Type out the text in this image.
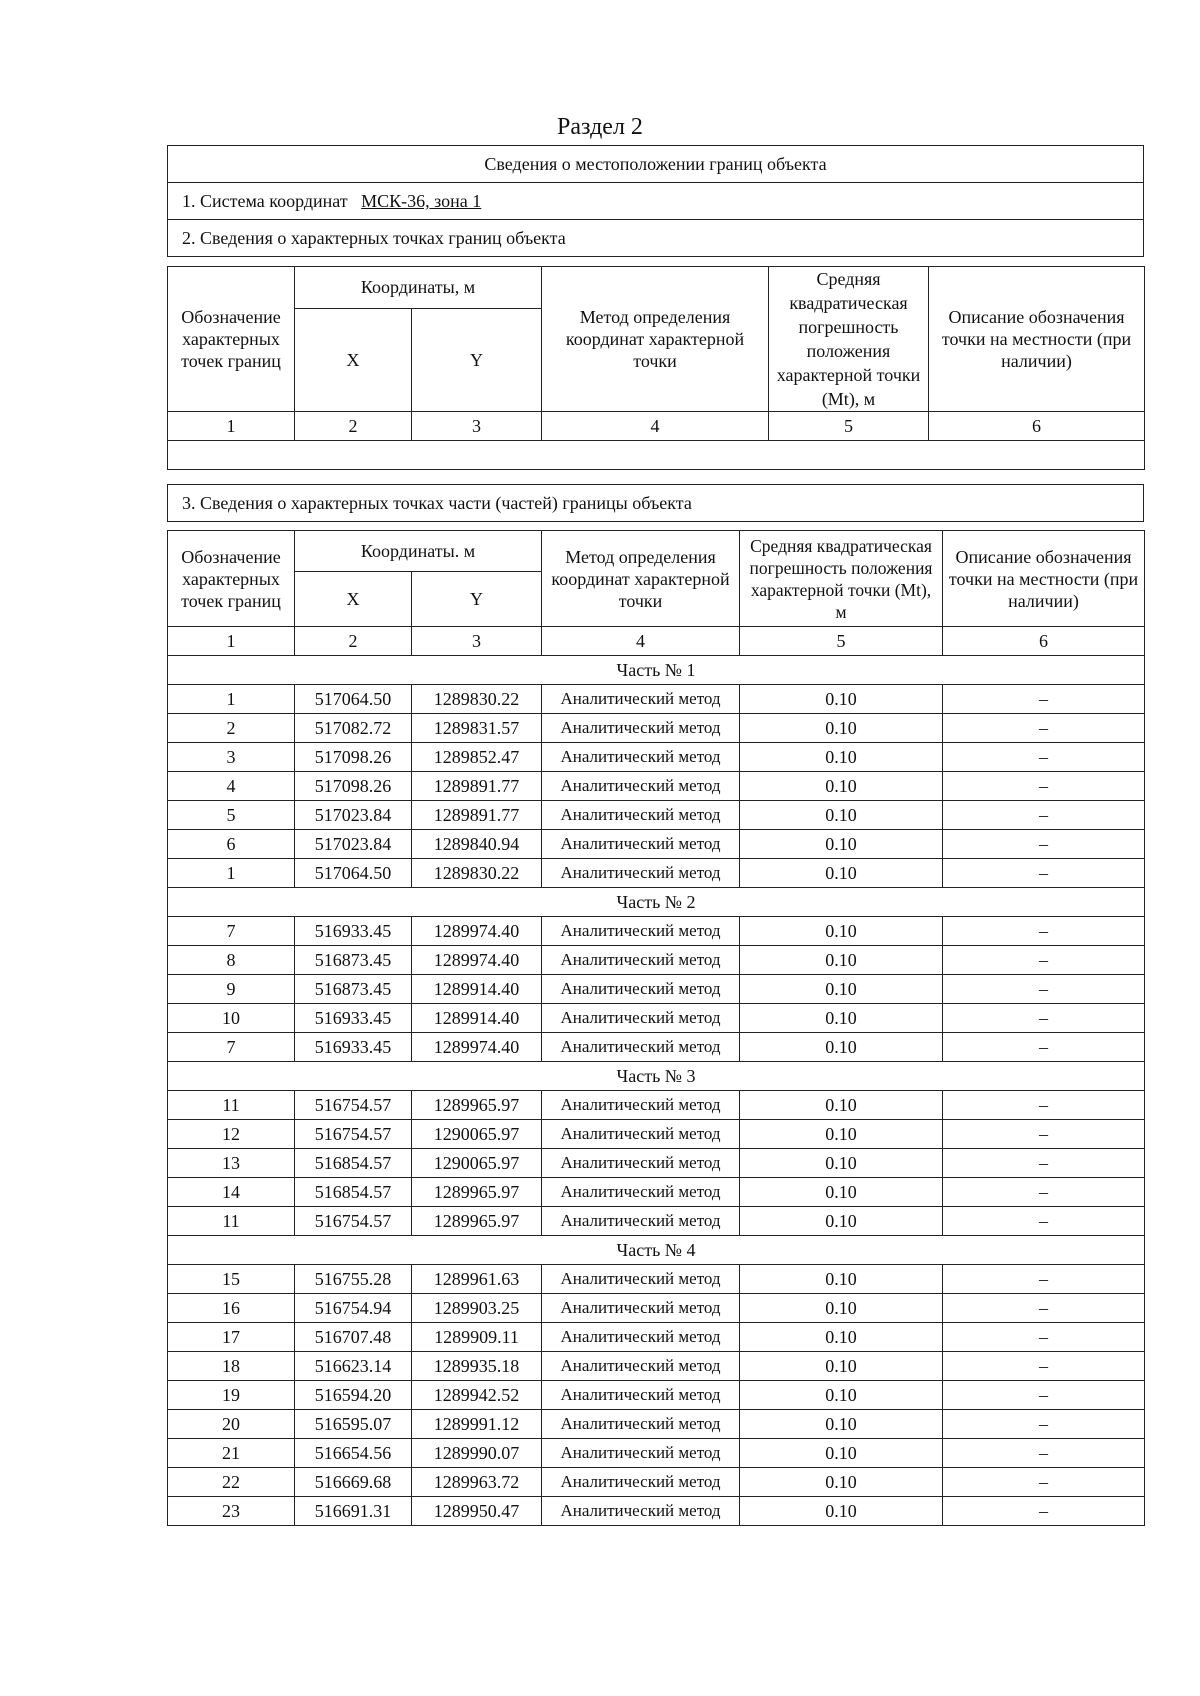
Раздел 2
Сведения о местоположении границ объекта
1. Система координат МСК-36, зона 1
2. Сведения о характерных точках границ объекта
Обозначение характерных точек границ	Координаты, м		Метод определения координат характерной точки	Средняя квадратическая погрешность положения характерной точки (Mt), м	Описание обозначения точки на местности (при наличии)
	X	Y			
1	2	3	4	5	6

3. Сведения о характерных точках части (частей) границы объекта
Обозначение характерных точек границ	Координаты. м		Метод определения координат характерной точки	Средняя квадратическая погрешность положения характерной точки (Mt), м	Описание обозначения точки на местности (при наличии)
	X	Y			
1	2	3	4	5	6
Часть № 1					
1	517064.50	1289830.22	Аналитический метод	0.10	–
2	517082.72	1289831.57	Аналитический метод	0.10	–
3	517098.26	1289852.47	Аналитический метод	0.10	–
4	517098.26	1289891.77	Аналитический метод	0.10	–
5	517023.84	1289891.77	Аналитический метод	0.10	–
6	517023.84	1289840.94	Аналитический метод	0.10	–
1	517064.50	1289830.22	Аналитический метод	0.10	–
Часть № 2					
7	516933.45	1289974.40	Аналитический метод	0.10	–
8	516873.45	1289974.40	Аналитический метод	0.10	–
9	516873.45	1289914.40	Аналитический метод	0.10	–
10	516933.45	1289914.40	Аналитический метод	0.10	–
7	516933.45	1289974.40	Аналитический метод	0.10	–
Часть № 3					
11	516754.57	1289965.97	Аналитический метод	0.10	–
12	516754.57	1290065.97	Аналитический метод	0.10	–
13	516854.57	1290065.97	Аналитический метод	0.10	–
14	516854.57	1289965.97	Аналитический метод	0.10	–
11	516754.57	1289965.97	Аналитический метод	0.10	–
Часть № 4					
15	516755.28	1289961.63	Аналитический метод	0.10	–
16	516754.94	1289903.25	Аналитический метод	0.10	–
17	516707.48	1289909.11	Аналитический метод	0.10	–
18	516623.14	1289935.18	Аналитический метод	0.10	–
19	516594.20	1289942.52	Аналитический метод	0.10	–
20	516595.07	1289991.12	Аналитический метод	0.10	–
21	516654.56	1289990.07	Аналитический метод	0.10	–
22	516669.68	1289963.72	Аналитический метод	0.10	–
23	516691.31	1289950.47	Аналитический метод	0.10	–
